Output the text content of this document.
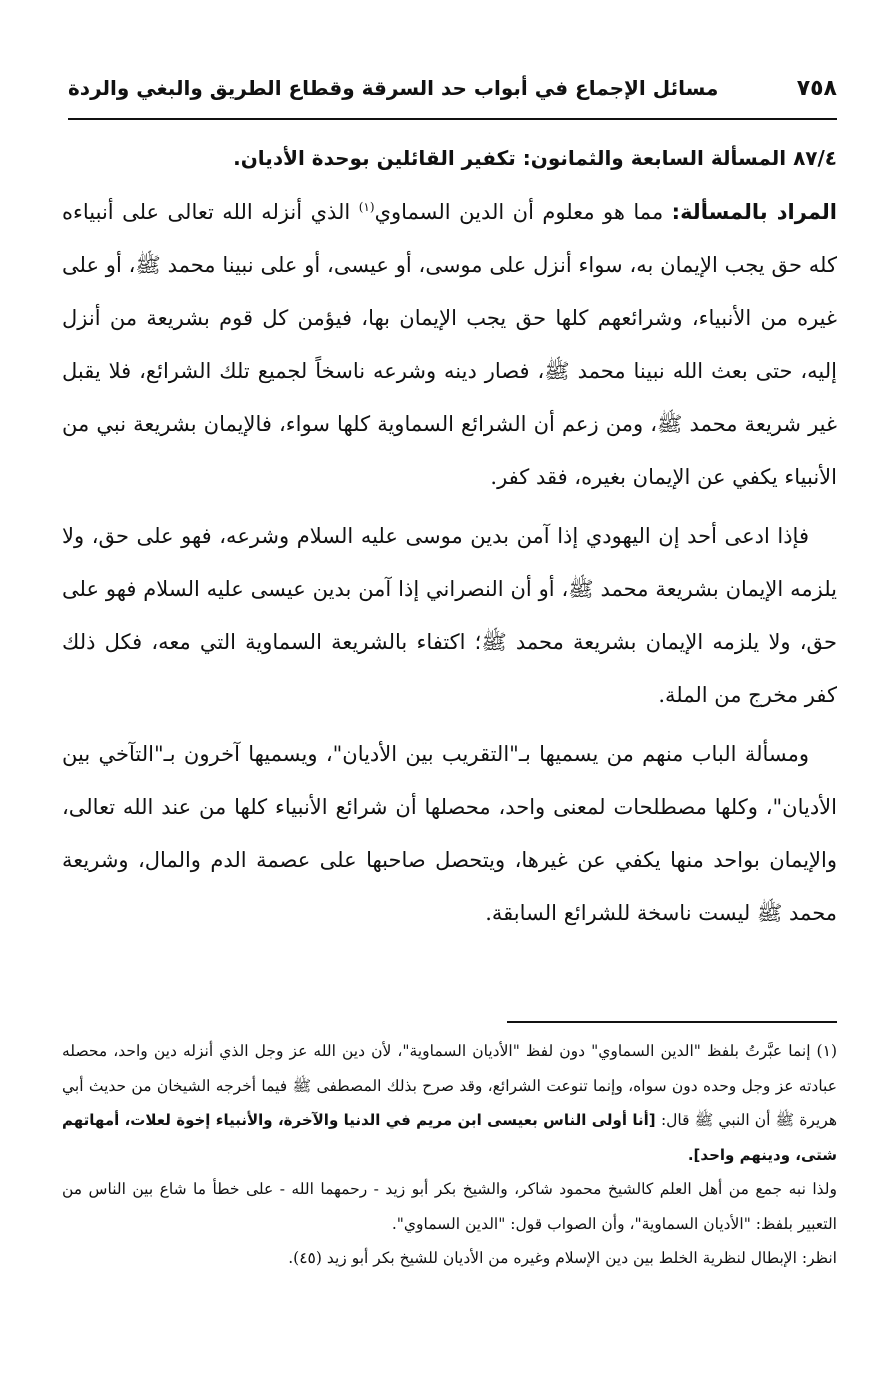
٧٥٨
مسائل الإجماع في أبواب حد السرقة وقطاع الطريق والبغي والردة

٨٧/٤ المسألة السابعة والثمانون: تكفير القائلين بوحدة الأديان.

المراد بالمسألة: مما هو معلوم أن الدين السماوي$^{(١)}$ الذي أنزله الله تعالى على أنبياءه كله حق يجب الإيمان به، سواء أنزل على موسى، أو عيسى، أو على نبينا محمد ﷺ، أو على غيره من الأنبياء، وشرائعهم كلها حق يجب الإيمان بها، فيؤمن كل قوم بشريعة من أنزل إليه، حتى بعث الله نبينا محمد ﷺ، فصار دينه وشرعه ناسخاً لجميع تلك الشرائع، فلا يقبل غير شريعة محمد ﷺ، ومن زعم أن الشرائع السماوية كلها سواء، فالإيمان بشريعة نبي من الأنبياء يكفي عن الإيمان بغيره، فقد كفر.

فإذا ادعى أحد إن اليهودي إذا آمن بدين موسى عليه السلام وشرعه، فهو على حق، ولا يلزمه الإيمان بشريعة محمد ﷺ، أو أن النصراني إذا آمن بدين عيسى عليه السلام فهو على حق، ولا يلزمه الإيمان بشريعة محمد ﷺ؛ اكتفاء بالشريعة السماوية التي معه، فكل ذلك كفر مخرج من الملة.

ومسألة الباب منهم من يسميها بـ"التقريب بين الأديان"، ويسميها آخرون بـ"التآخي بين الأديان"، وكلها مصطلحات لمعنى واحد، محصلها أن شرائع الأنبياء كلها من عند الله تعالى، والإيمان بواحد منها يكفي عن غيرها، ويتحصل صاحبها على عصمة الدم والمال، وشريعة محمد ﷺ ليست ناسخة للشرائع السابقة.

(١)إنما عبَّرتُ بلفظ "الدين السماوي" دون لفظ "الأديان السماوية"، لأن دين الله عز وجل الذي أنزله دين واحد، محصله عبادته عز وجل وحده دون سواه، وإنما تنوعت الشرائع، وقد صرح بذلك المصطفى ﷺ فيما أخرجه الشيخان من حديث أبي هريرة ﷺ أن النبي ﷺ قال: [أنا أولى الناس بعيسى ابن مريم في الدنيا والآخرة، والأنبياء إخوة لعلات، أمهاتهم شتى، ودينهم واحد].

ولذا نبه جمع من أهل العلم كالشيخ محمود شاكر، والشيخ بكر أبو زيد - رحمهما الله - على خطأ ما شاع بين الناس من التعبير بلفظ: "الأديان السماوية"، وأن الصواب قول: "الدين السماوي".

انظر: الإبطال لنظرية الخلط بين دين الإسلام وغيره من الأديان للشيخ بكر أبو زيد (٤٥).
